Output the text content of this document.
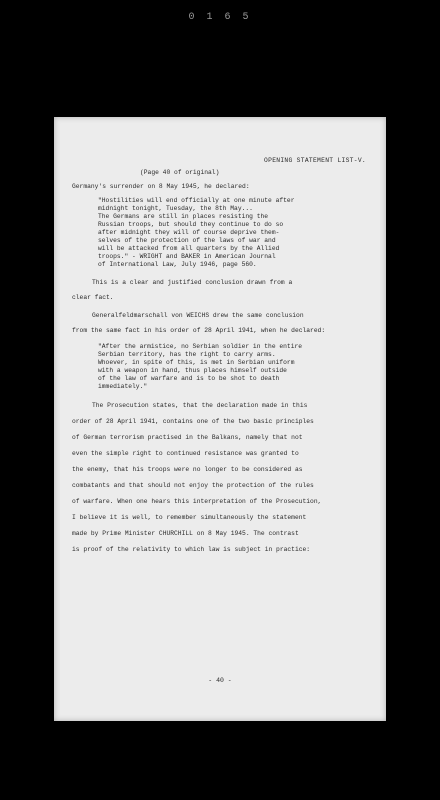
0 1 6 5
OPENING STATEMENT LIST-V.
(Page 40 of original)
Germany's surrender on 8 May 1945, he declared:
"Hostilities will end officially at one minute after
midnight tonight, Tuesday, the 8th May...
The Germans are still in places resisting the
Russian troops, but should they continue to do so
after midnight they will of course deprive them-
selves of the protection of the laws of war and
will be attacked from all quarters by the Allied
troops." - WRIGHT and BAKER in American Journal
of International Law, July 1946, page 560.
This is a clear and justified conclusion drawn from a
clear fact.
Generalfeldmarschall von WEICHS drew the same conclusion
from the same fact in his order of 28 April 1941, when he declared:
"After the armistice, no Serbian soldier in the entire
Serbian territory, has the right to carry arms.
Whoever, in spite of this, is met in Serbian uniform
with a weapon in hand, thus places himself outside
of the law of warfare and is to be shot to death
immediately."
The Prosecution states, that the declaration made in this
order of 28 April 1941, contains one of the two basic principles
of German terrorism practised in the Balkans, namely that not
even the simple right to continued resistance was granted to
the enemy, that his troops were no longer to be considered as
combatants and that should not enjoy the protection of the rules
of warfare. When one hears this interpretation of the Prosecution,
I believe it is well, to remember simultaneously the statement
made by Prime Minister CHURCHILL on 8 May 1945. The contrast
is proof of the relativity to which law is subject in practice:
- 40 -
